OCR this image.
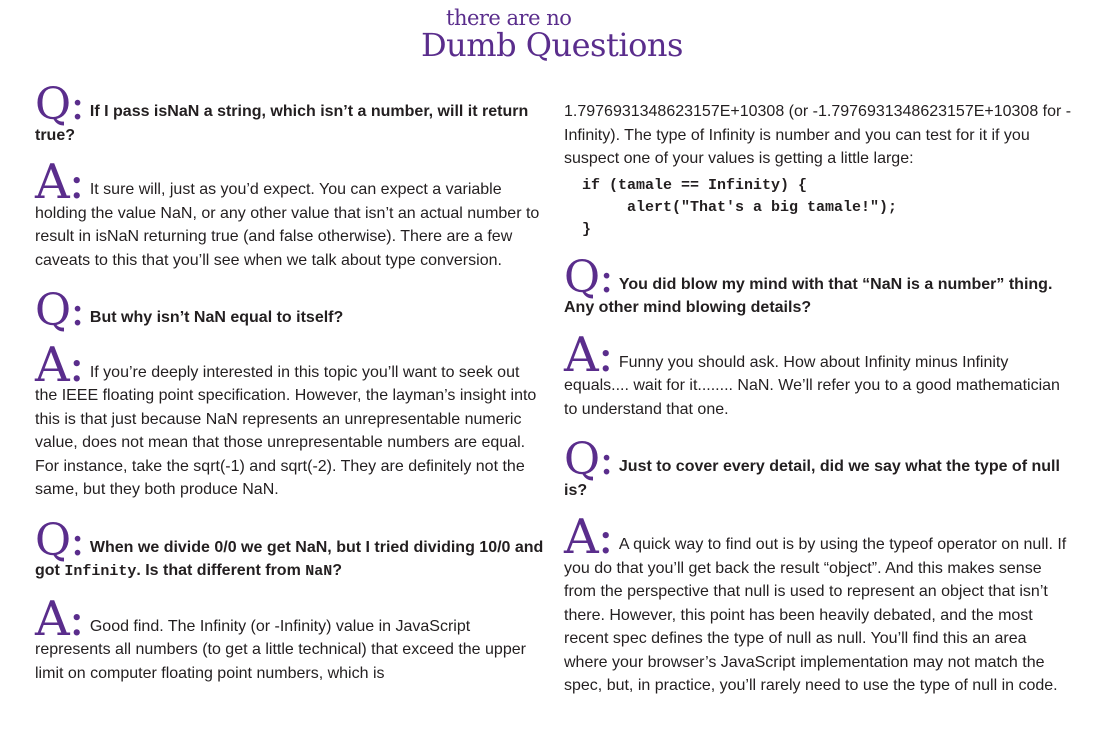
there are no
Dumb Questions
Q: If I pass isNaN a string, which isn’t a number, will it return true?
A: It sure will, just as you’d expect. You can expect a variable holding the value NaN, or any other value that isn’t an actual number to result in isNaN returning true (and false otherwise). There are a few caveats to this that you’ll see when we talk about type conversion.
Q: But why isn’t NaN equal to itself?
A: If you’re deeply interested in this topic you’ll want to seek out the IEEE floating point specification. However, the layman’s insight into this is that just because NaN represents an unrepresentable numeric value, does not mean that those unrepresentable numbers are equal. For instance, take the sqrt(-1) and sqrt(-2). They are definitely not the same, but they both produce NaN.
Q: When we divide 0/0 we get NaN, but I tried dividing 10/0 and got Infinity. Is that different from NaN?
A: Good find. The Infinity (or -Infinity) value in JavaScript represents all numbers (to get a little technical) that exceed the upper limit on computer floating point numbers, which is
1.7976931348623157E+10308 (or -1.7976931348623157E+10308 for -Infinity). The type of Infinity is number and you can test for it if you suspect one of your values is getting a little large:
if (tamale == Infinity) {
alert("That's a big tamale!");
}
Q: You did blow my mind with that “NaN is a number” thing. Any other mind blowing details?
A: Funny you should ask. How about Infinity minus Infinity equals.... wait for it........ NaN. We’ll refer you to a good mathematician to understand that one.
Q: Just to cover every detail, did we say what the type of null is?
A: A quick way to find out is by using the typeof operator on null. If you do that you’ll get back the result “object”. And this makes sense from the perspective that null is used to represent an object that isn’t there. However, this point has been heavily debated, and the most recent spec defines the type of null as null. You’ll find this an area where your browser’s JavaScript implementation may not match the spec, but, in practice, you’ll rarely need to use the type of null in code.
